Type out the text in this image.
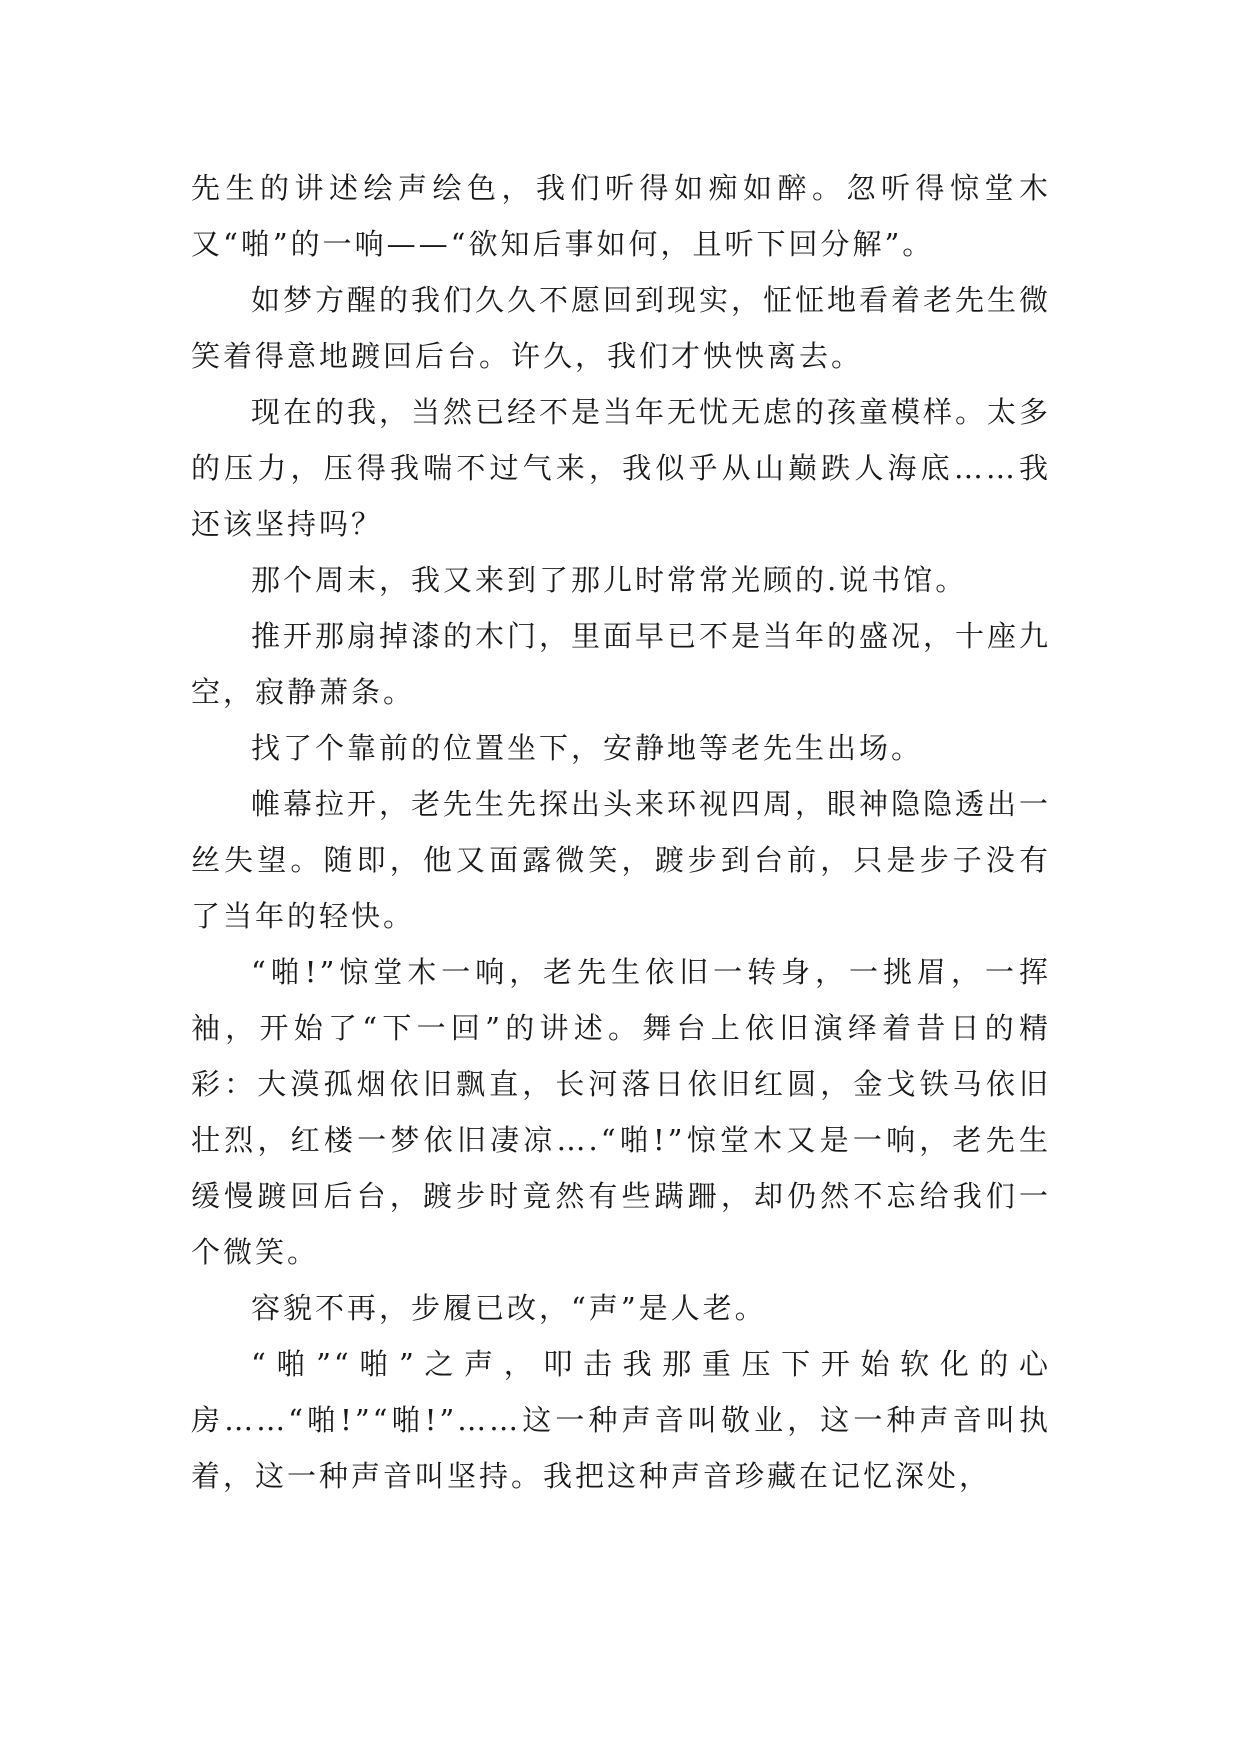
先生的讲述绘声绘色，我们听得如痴如醉。忽听得惊堂木又“啪”的一响——“欲知后事如何，且听下回分解”。

如梦方醒的我们久久不愿回到现实，怔怔地看着老先生微笑着得意地踱回后台。许久，我们才怏怏离去。

现在的我，当然已经不是当年无忧无虑的孩童模样。太多的压力，压得我喘不过气来，我似乎从山巅跌人海底……我还该坚持吗？

那个周末，我又来到了那儿时常常光顾的.说书馆。

推开那扇掉漆的木门，里面早已不是当年的盛况，十座九空，寂静萧条。

找了个靠前的位置坐下，安静地等老先生出场。

帷幕拉开，老先生先探出头来环视四周，眼神隐隐透出一丝失望。随即，他又面露微笑，踱步到台前，只是步子没有了当年的轻快。

“啪!”惊堂木一响，老先生依旧一转身，一挑眉，一挥袖，开始了“下一回”的讲述。舞台上依旧演绎着昔日的精彩：大漠孤烟依旧飘直，长河落日依旧红圆，金戈铁马依旧壮烈，红楼一梦依旧凄凉….“啪!”惊堂木又是一响，老先生缓慢踱回后台，踱步时竟然有些蹒跚，却仍然不忘给我们一个微笑。

容貌不再，步履已改，“声”是人老。

“啪”“啪”之声，叩击我那重压下开始软化的心房……“啪!”“啪!”……这一种声音叫敬业，这一种声音叫执着，这一种声音叫坚持。我把这种声音珍藏在记忆深处，
